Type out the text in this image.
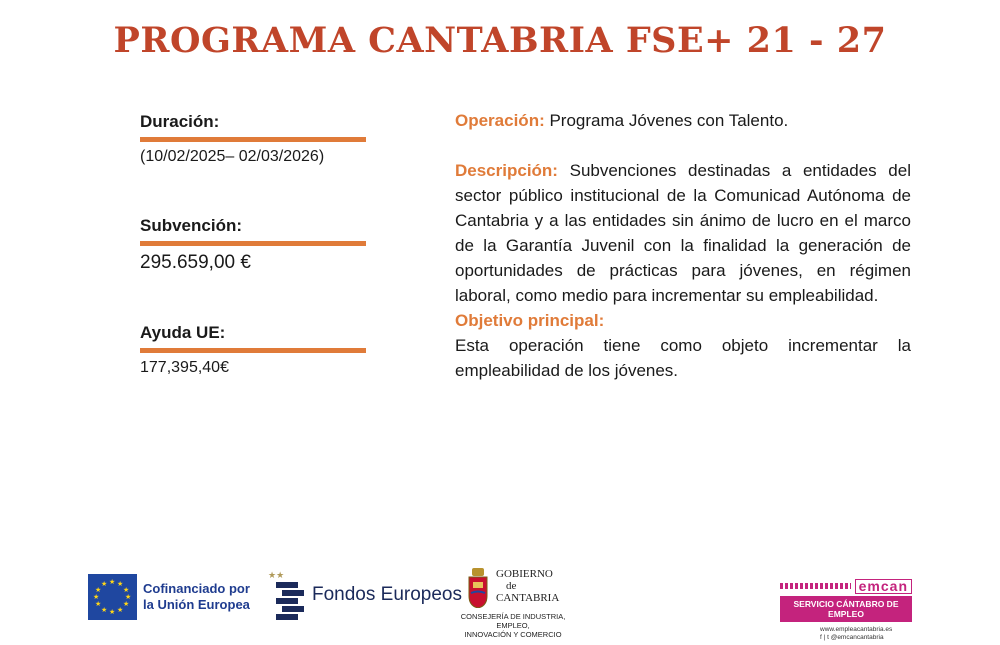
PROGRAMA CANTABRIA FSE+ 21 - 27
Duración:
(10/02/2025– 02/03/2026)
Subvención:
295.659,00 €
Ayuda UE:
177,395,40€

Operación: Programa Jóvenes con Talento.

Descripción: Subvenciones destinadas a entidades del sector público institucional de la Comunicad Autónoma de Cantabria y a las entidades sin ánimo de lucro en el marco de la Garantía Juvenil con la finalidad la generación de oportunidades de prácticas para jóvenes, en régimen laboral, como medio para incrementar su empleabilidad.

Objetivo principal:

Esta operación tiene como objeto incrementar la empleabilidad de los jóvenes.

★ ★
★
★
★
★
★
★
★
★
★
★	Cofinanciado por
la Unión Europea
★★
Fondos Europeos
GOBIERNO
de
CANTABRIA
CONSEJERÍA DE INDUSTRIA, EMPLEO,
INNOVACIÓN Y COMERCIO
emcan
SERVICIO CÁNTABRO DE EMPLEO
www.empleacantabria.es
f | t @emcancantabria
